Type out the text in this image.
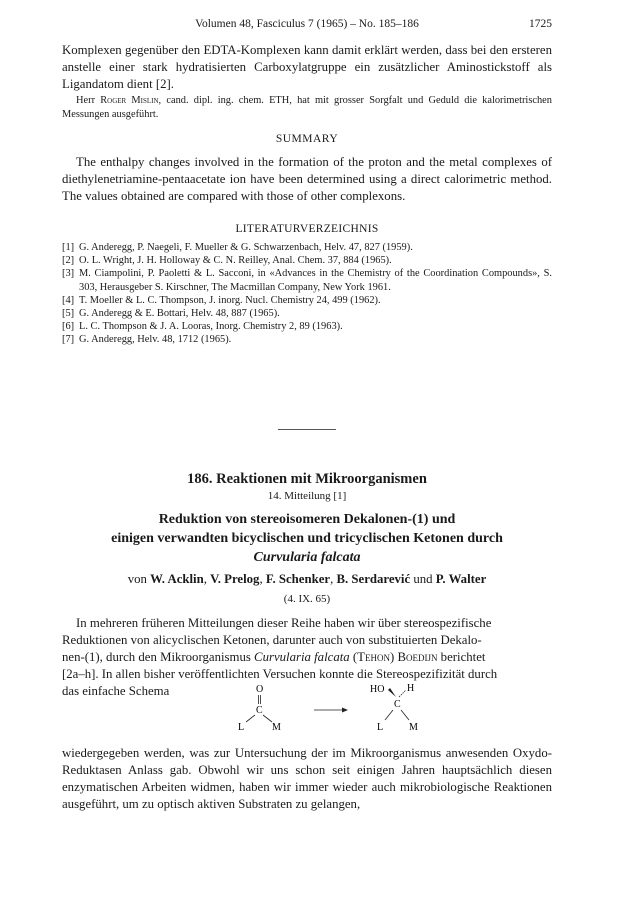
Volumen 48, Fasciculus 7 (1965) – No. 185–186	1725

Komplexen gegenüber den EDTA-Komplexen kann damit erklärt werden, dass bei den ersteren anstelle einer stark hydratisierten Carboxylatgruppe ein zusätzlicher Aminostickstoff als Ligandatom dient [2].

Herr Roger Mislin, cand. dipl. ing. chem. ETH, hat mit grosser Sorgfalt und Geduld die kalorimetrischen Messungen ausgeführt.

SUMMARY

The enthalpy changes involved in the formation of the proton and the metal complexes of diethylenetriamine-pentaacetate ion have been determined using a direct calorimetric method. The values obtained are compared with those of other complexons.

LITERATURVERZEICHNIS
[1] G. Anderegg, P. Naegeli, F. Mueller & G. Schwarzenbach, Helv. 47, 827 (1959).
[2] O. L. Wright, J. H. Holloway & C. N. Reilley, Anal. Chem. 37, 884 (1965).
[3] M. Ciampolini, P. Paoletti & L. Sacconi, in «Advances in the Chemistry of the Coordination Compounds», S. 303, Herausgeber S. Kirschner, The Macmillan Company, New York 1961.
[4] T. Moeller & L. C. Thompson, J. inorg. Nucl. Chemistry 24, 499 (1962).
[5] G. Anderegg & E. Bottari, Helv. 48, 887 (1965).
[6] L. C. Thompson & J. A. Looras, Inorg. Chemistry 2, 89 (1963).
[7] G. Anderegg, Helv. 48, 1712 (1965).
186. Reaktionen mit Mikroorganismen
14. Mitteilung [1]
Reduktion von stereoisomeren Dekalonen-(1) und
einigen verwandten bicyclischen und tricyclischen Ketonen durch
Curvularia falcata
von W. Acklin, V. Prelog, F. Schenker, B. Serdarević und P. Walter
(4. IX. 65)
In mehreren früheren Mitteilungen dieser Reihe haben wir über stereospezifische
Reduktionen von alicyclischen Ketonen, darunter auch von substituierten Dekalo-
nen-(1), durch den Mikroorganismus Curvularia falcata (Tehon) Boedijn berichtet
[2a–h]. In allen bisher veröffentlichten Versuchen konnte die Stereospezifizität durch
das einfache Schema	O
C
L	M
HO H
C
L	M

wiedergegeben werden, was zur Untersuchung der im Mikroorganismus anwesenden Oxydo-Reduktasen Anlass gab. Obwohl wir uns schon seit einigen Jahren hauptsächlich diesen enzymatischen Arbeiten widmen, haben wir immer wieder auch mikrobiologische Reaktionen ausgeführt, um zu optisch aktiven Substraten zu gelangen,
